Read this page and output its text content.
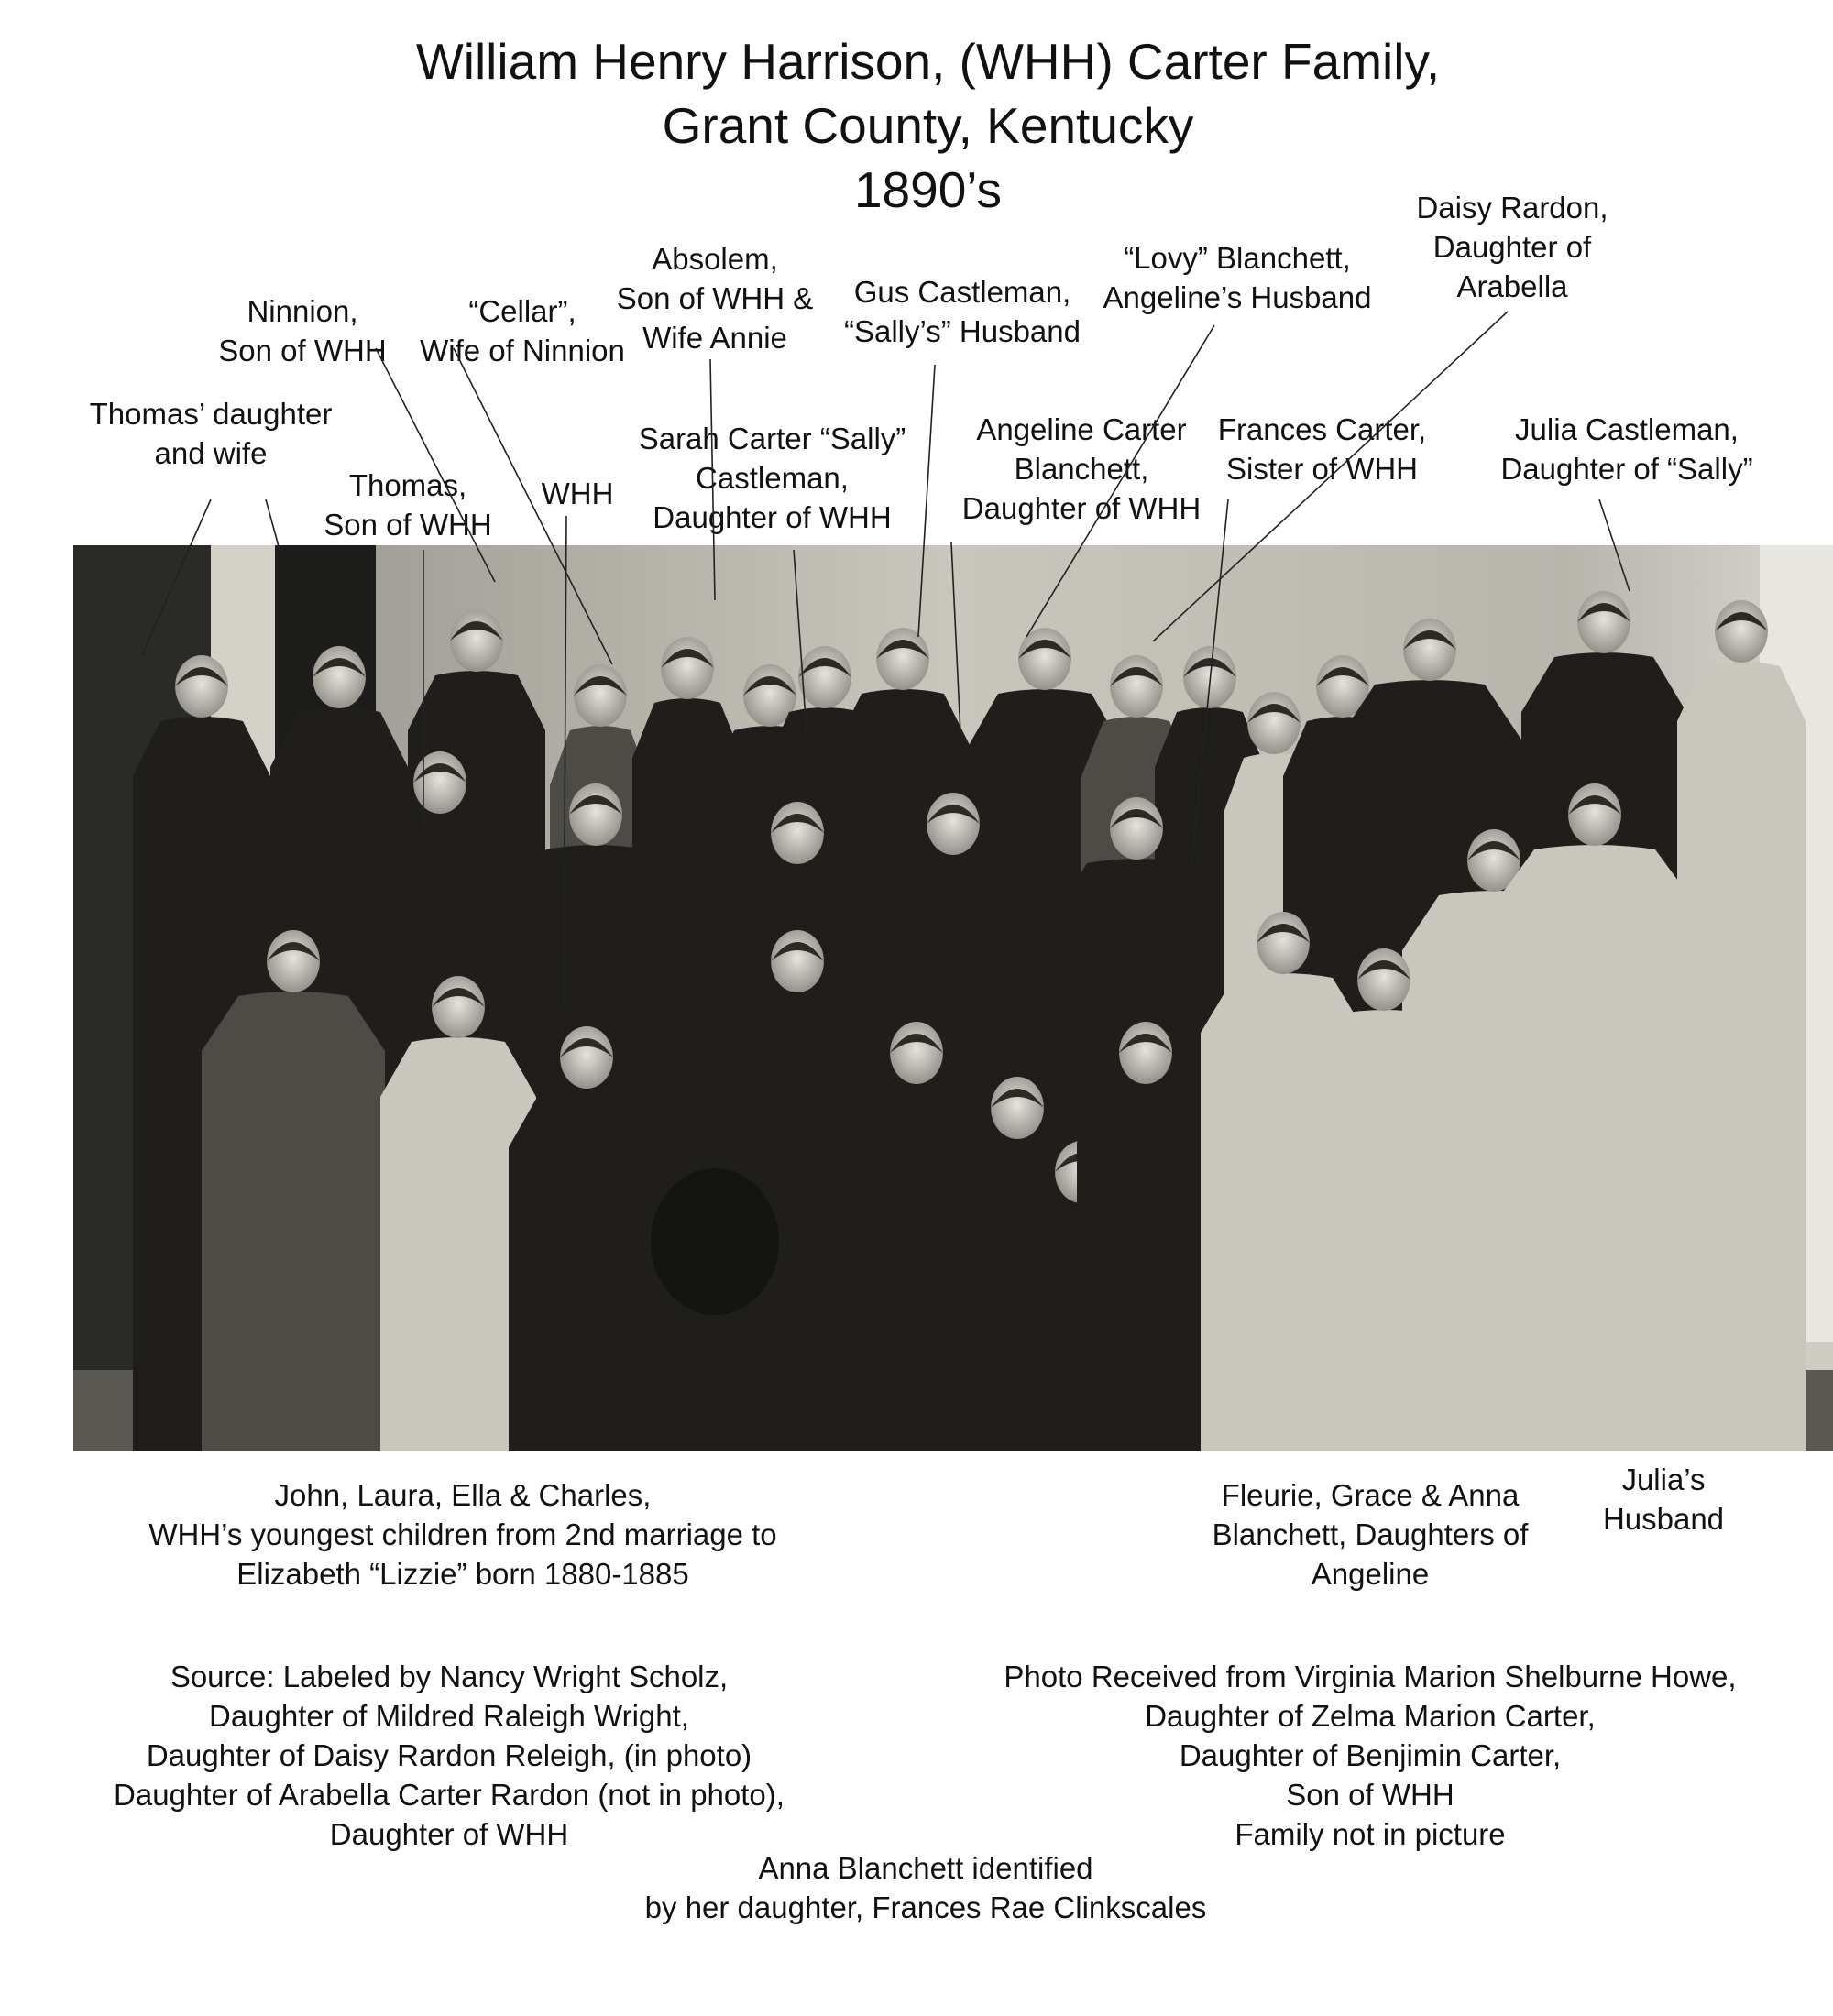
William Henry Harrison, (WHH) Carter Family,
Grant County, Kentucky
1890’s
Thomas’ daughter
and wife
Ninnion,
Son of WHH
“Cellar”,
Wife of Ninnion
Absolem,
Son of WHH &
Wife Annie
Gus Castleman,
“Sally’s” Husband
“Lovy” Blanchett,
Angeline’s Husband
Daisy Rardon,
Daughter of
Arabella
Thomas,
Son of WHH
WHH
Sarah Carter “Sally”
Castleman,
Daughter of WHH
Angeline Carter
Blanchett,
Daughter of WHH
Frances Carter,
Sister of WHH
Julia Castleman,
Daughter of “Sally”
John, Laura, Ella & Charles,
WHH’s youngest children from 2nd marriage to
Elizabeth “Lizzie” born 1880-1885
Fleurie, Grace & Anna
Blanchett, Daughters of
Angeline
Julia’s
Husband
Source: Labeled by Nancy Wright Scholz,
Daughter of Mildred Raleigh Wright,
Daughter of Daisy Rardon Releigh, (in photo)
Daughter of Arabella Carter Rardon (not in photo),
Daughter of WHH
Photo Received from Virginia Marion Shelburne Howe,
Daughter of Zelma Marion Carter,
Daughter of Benjimin Carter,
Son of WHH
Family not in picture
Anna Blanchett identified
by her daughter, Frances Rae Clinkscales
